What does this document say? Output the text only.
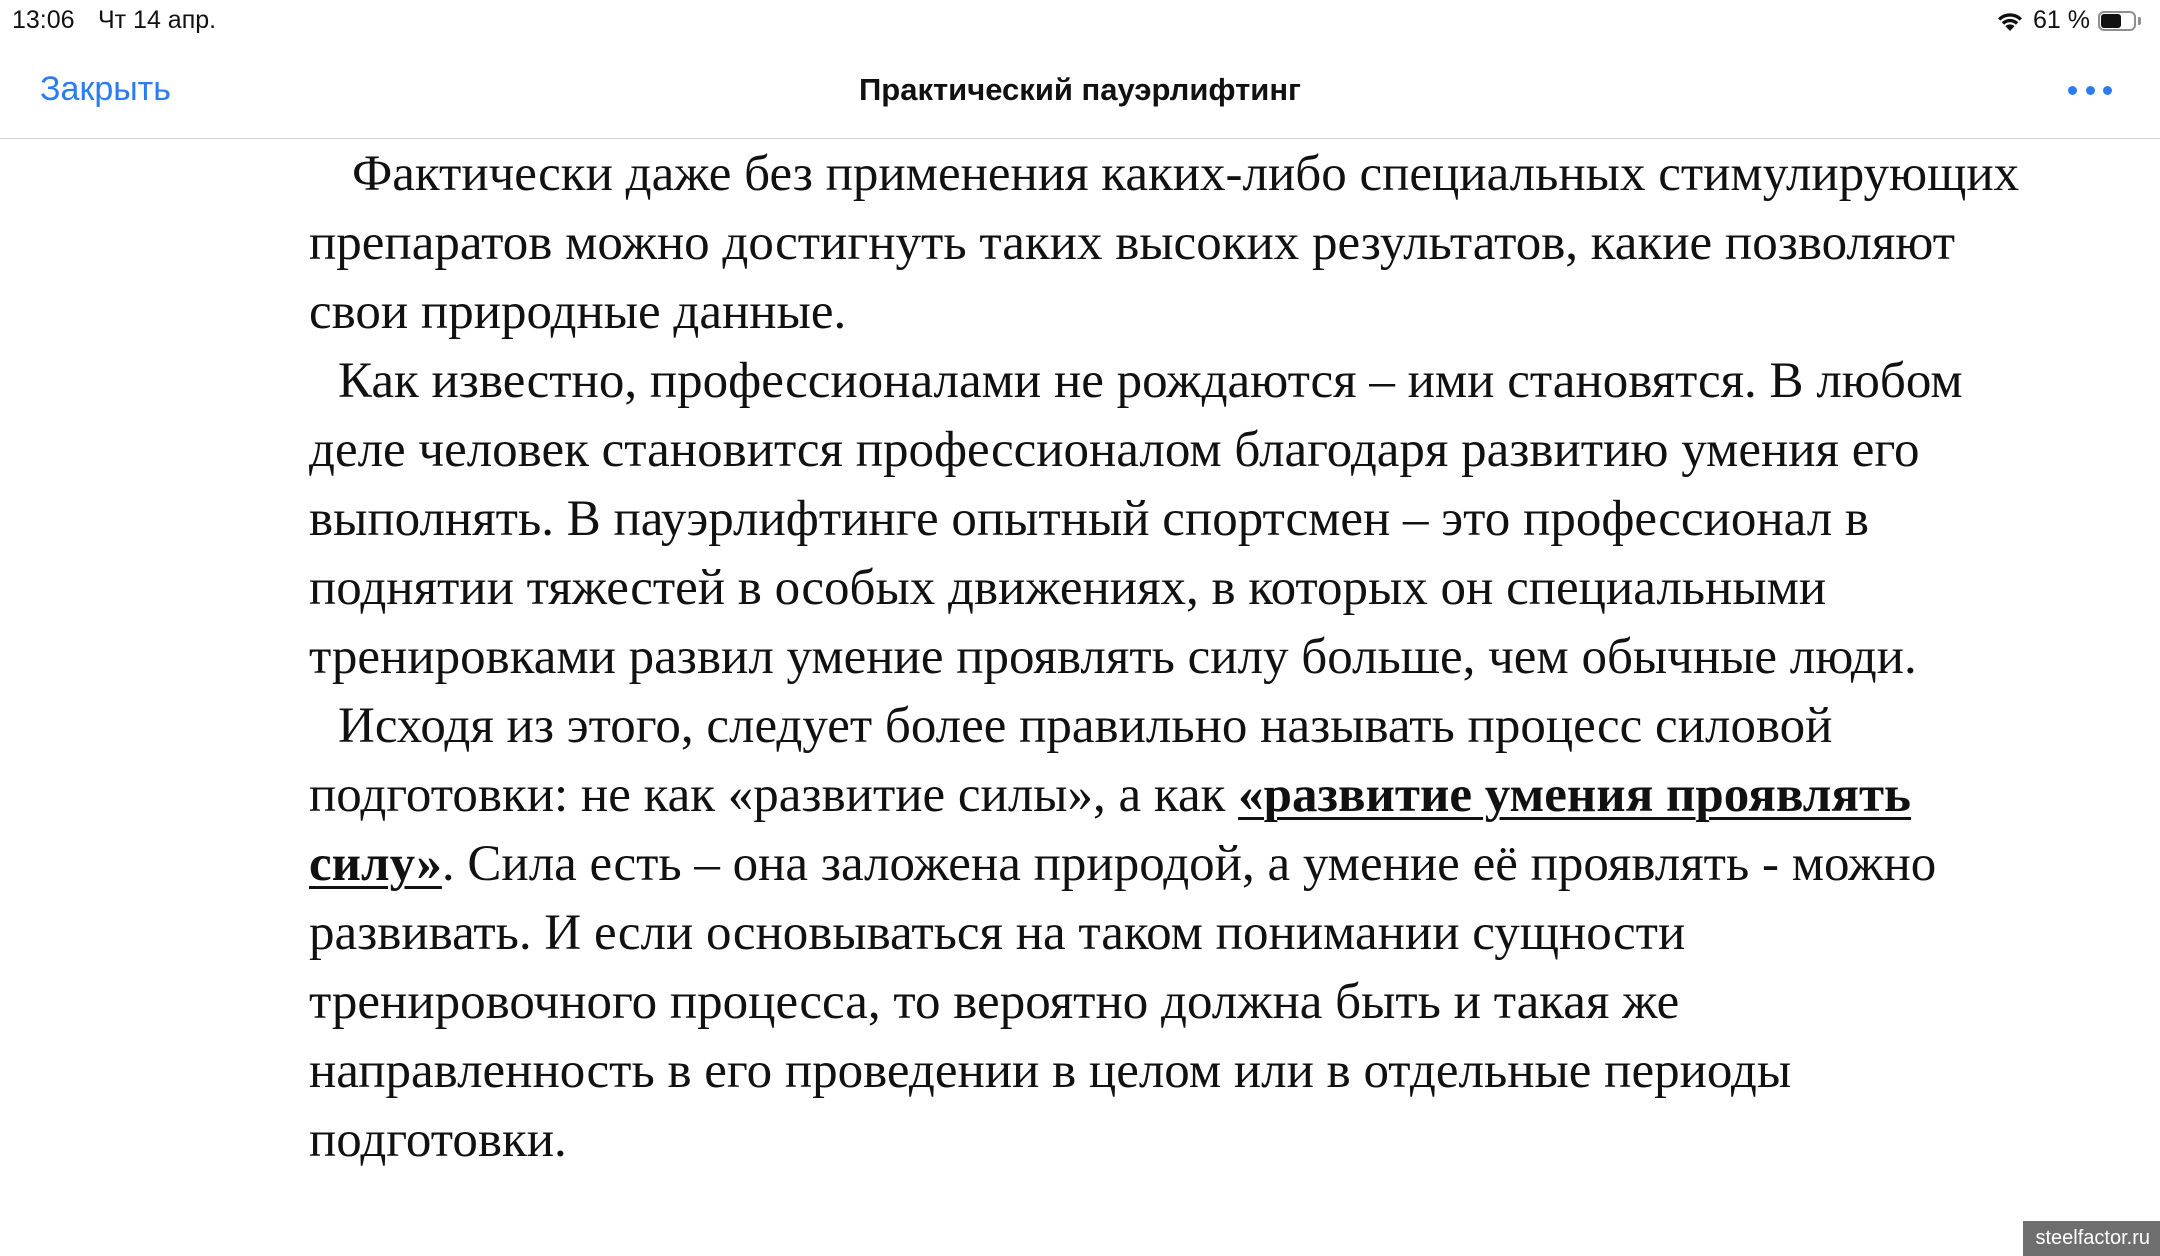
13:06 Чт 14 апр.	61 %
Закрыть	Практический пауэрлифтинг

Фактически даже без применения каких-либо специальных стимулирующих препаратов можно достигнуть таких высоких результатов, какие позволяют свои природные данные.

Как известно, профессионалами не рождаются – ими становятся. В любом деле человек становится профессионалом благодаря развитию умения его выполнять. В пауэрлифтинге опытный спортсмен – это профессионал в поднятии тяжестей в особых движениях, в которых он специальными тренировками развил умение проявлять силу больше, чем обычные люди.

Исходя из этого, следует более правильно называть процесс силовой подготовки: не как «развитие силы», а как «развитие умения проявлять силу». Сила есть – она заложена природой, а умение её проявлять - можно развивать. И если основываться на таком понимании сущности тренировочного процесса, то вероятно должна быть и такая же направленность в его проведении в целом или в отдельные периоды подготовки.

steelfactor.ru
